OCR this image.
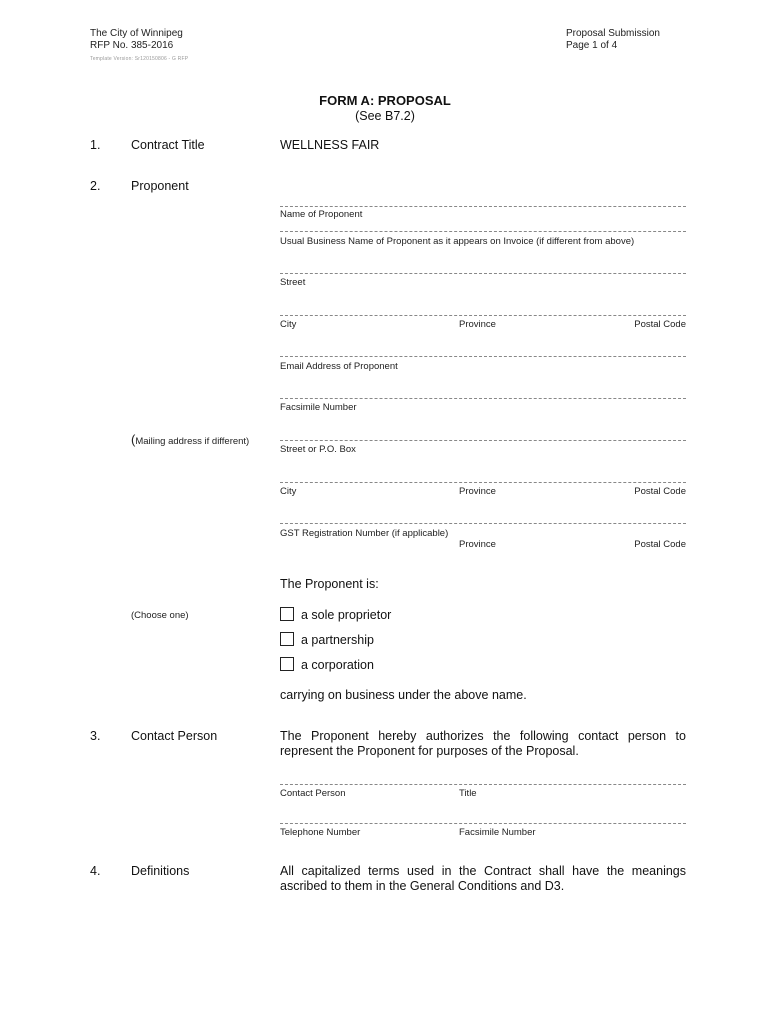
The City of Winnipeg
RFP No. 385-2016
Template Version: Sr120150806 - G RFP
Proposal Submission
Page 1 of 4
FORM A: PROPOSAL
(See B7.2)
1. Contract Title	WELLNESS FAIR
2. Proponent
Name of Proponent
Usual Business Name of Proponent as it appears on Invoice (if different from above)
Street
City	Province	Postal Code
Email Address of Proponent
Facsimile Number
(Mailing address if different)
Street or P.O. Box
City	Province	Postal Code
GST Registration Number (if applicable)
Province	Postal Code
The Proponent is:
(Choose one)	a sole proprietor
a partnership
a corporation
carrying on business under the above name.
3. Contact Person	The Proponent hereby authorizes the following contact person to represent the Proponent for purposes of the Proposal.
Contact Person	Title
Telephone Number	Facsimile Number
4. Definitions	All capitalized terms used in the Contract shall have the meanings ascribed to them in the General Conditions and D3.
